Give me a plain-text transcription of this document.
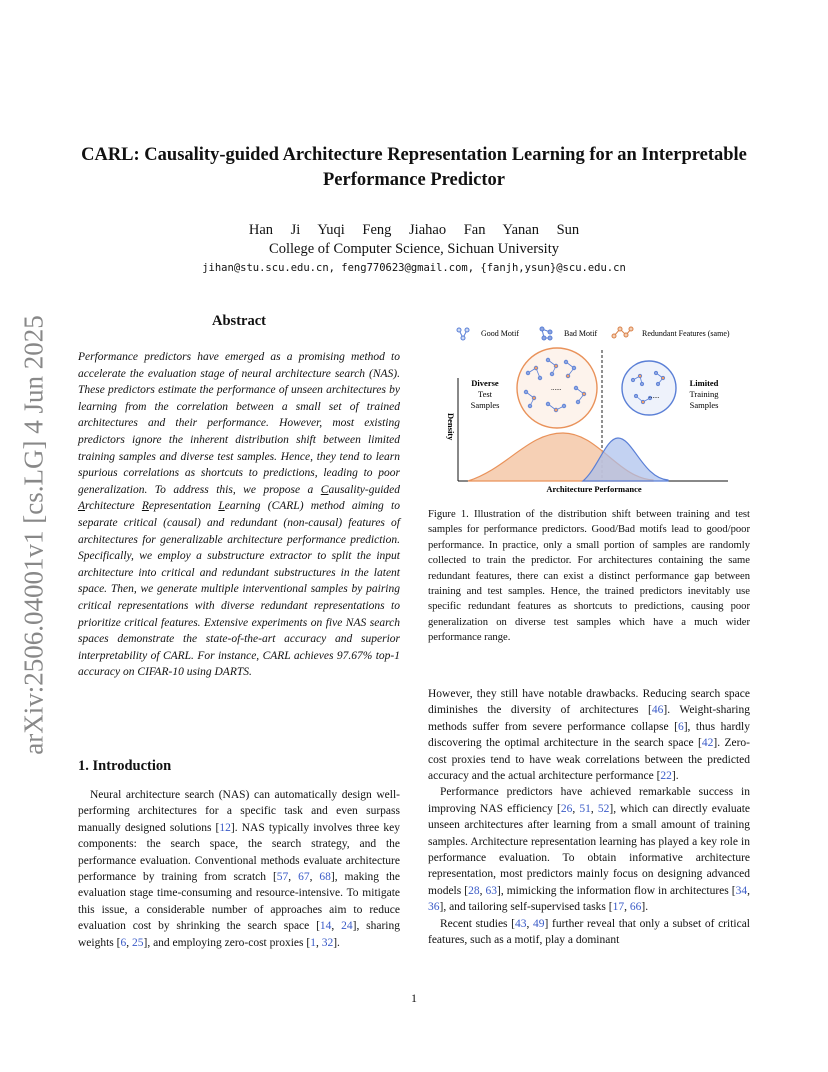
CARL: Causality-guided Architecture Representation Learning for an Interpretable Performance Predictor
Han Ji Yuqi Feng Jiahao Fan Yanan Sun
College of Computer Science, Sichuan University
jihan@stu.scu.edu.cn, feng770623@gmail.com, {fanjh,ysun}@scu.edu.cn
arXiv:2506.04001v1 [cs.LG] 4 Jun 2025	Abstract
Performance predictors have emerged as a promising method to accelerate the evaluation stage of neural architecture search (NAS). These predictors estimate the performance of unseen architectures by learning from the correlation between a small set of trained architectures and their performance. However, most existing predictors ignore the inherent distribution shift between limited training samples and diverse test samples. Hence, they tend to learn spurious correlations as shortcuts to predictions, leading to poor generalization. To address this, we propose a Causality-guided Architecture Representation Learning (CARL) method aiming to separate critical (causal) and redundant (non-causal) features of architectures for generalizable architecture performance prediction. Specifically, we employ a substructure extractor to split the input architecture into critical and redundant substructures in the latent space. Then, we generate multiple interventional samples by pairing critical representations with diverse redundant representations to prioritize critical features. Extensive experiments on five NAS search spaces demonstrate the state-of-the-art accuracy and superior interpretability of CARL. For instance, CARL achieves 97.67% top-1 accuracy on CIFAR-10 using DARTS.
1. Introduction

Neural architecture search (NAS) can automatically design well-performing architectures for a specific task and even surpass manually designed solutions [12]. NAS typically involves three key components: the search space, the search strategy, and the performance evaluation. Conventional methods evaluate architecture performance by training from scratch [57, 67, 68], making the evaluation stage time-consuming and resource-intensive. To mitigate this issue, a considerable number of approaches aim to reduce evaluation cost by shrinking the search space [14, 24], sharing weights [6, 25], and employing zero-cost proxies [1, 32].

Good Motif	Bad Motif	Redundant Features (same)
......
......
Diverse
Test
Samples
Limited
Training
Samples
Density
Architecture Performance
Figure 1. Illustration of the distribution shift between training and test samples for performance predictors. Good/Bad motifs lead to good/poor performance. In practice, only a small portion of samples are randomly collected to train the predictor. For architectures containing the same redundant features, there can exist a distinct performance gap between training and test samples. Hence, the trained predictors inevitably use specific redundant features as shortcuts to predictions, causing poor generalization on diverse test samples which have a much wider performance range.

However, they still have notable drawbacks. Reducing search space diminishes the diversity of architectures [46]. Weight-sharing methods suffer from severe performance collapse [6], thus hardly discovering the optimal architecture in the search space [42]. Zero-cost proxies tend to have weak correlations between the predicted accuracy and the actual architecture performance [22].

Performance predictors have achieved remarkable success in improving NAS efficiency [26, 51, 52], which can directly evaluate unseen architectures after learning from a small amount of training samples. Architecture representation learning has played a key role in performance evaluation. To obtain informative architecture representation, most predictors mainly focus on designing advanced models [28, 63], mimicking the information flow in architectures [34, 36], and tailoring self-supervised tasks [17, 66].

Recent studies [43, 49] further reveal that only a subset of critical features, such as a motif, play a dominant

1
